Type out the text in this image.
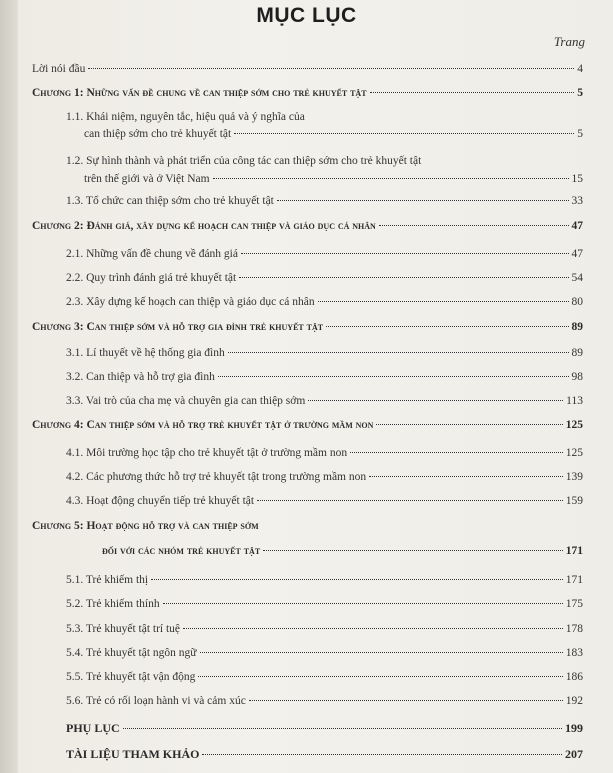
MỤC LỤC
Trang
Lời nói đầu	4
Chương 1: Những vấn đề chung về can thiệp sớm cho trẻ khuyết tật	5
1.1. Khái niệm, nguyên tắc, hiệu quả và ý nghĩa của
can thiệp sớm cho trẻ khuyết tật	5
1.2. Sự hình thành và phát triển của công tác can thiệp sớm cho trẻ khuyết tật
trên thế giới và ở Việt Nam	15
1.3. Tổ chức can thiệp sớm cho trẻ khuyết tật	33
Chương 2: Đánh giá, xây dựng kế hoạch can thiệp và giáo dục cá nhân	47
2.1. Những vấn đề chung về đánh giá	47
2.2. Quy trình đánh giá trẻ khuyết tật	54
2.3. Xây dựng kế hoạch can thiệp và giáo dục cá nhân	80
Chương 3: Can thiệp sớm và hỗ trợ gia đình trẻ khuyết tật	89
3.1. Lí thuyết về hệ thống gia đình	89
3.2. Can thiệp và hỗ trợ gia đình	98
3.3. Vai trò của cha mẹ và chuyên gia can thiệp sớm	113
Chương 4: Can thiệp sớm và hỗ trợ trẻ khuyết tật ở trường mầm non	125
4.1. Môi trường học tập cho trẻ khuyết tật ở trường mầm non	125
4.2. Các phương thức hỗ trợ trẻ khuyết tật trong trường mầm non	139
4.3. Hoạt động chuyển tiếp trẻ khuyết tật	159
Chương 5: Hoạt động hỗ trợ và can thiệp sớm
đối với các nhóm trẻ khuyết tật	171
5.1. Trẻ khiếm thị	171
5.2. Trẻ khiếm thính	175
5.3. Trẻ khuyết tật trí tuệ	178
5.4. Trẻ khuyết tật ngôn ngữ	183
5.5. Trẻ khuyết tật vận động	186
5.6. Trẻ có rối loạn hành vi và cảm xúc	192
PHỤ LỤC	199
TÀI LIỆU THAM KHẢO	207
